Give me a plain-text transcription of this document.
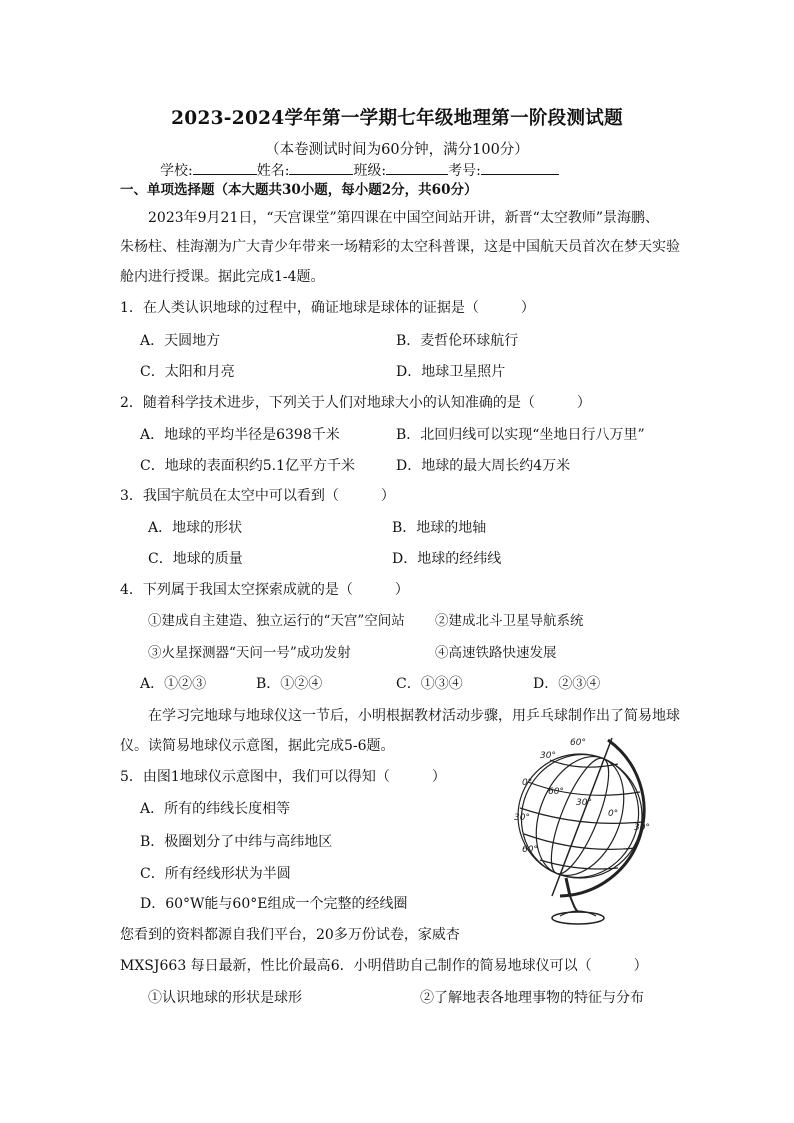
2023-2024学年第一学期七年级地理第一阶段测试题
（本卷测试时间为60分钟，满分100分）
学校:	姓名:	班级:	考号:
一、单项选择题（本大题共30小题，每小题2分，共60分）
2023年9月21日，“天宫课堂”第四课在中国空间站开讲，新晋“太空教师”景海鹏、
朱杨柱、桂海潮为广大青少年带来一场精彩的太空科普课，这是中国航天员首次在梦天实验
舱内进行授课。据此完成1-4题。
1．在人类认识地球的过程中，确证地球是球体的证据是（　　　）
A．天圆地方	B．麦哲伦环球航行
C．太阳和月亮	D．地球卫星照片
2．随着科学技术进步，下列关于人们对地球大小的认知准确的是（　　　）
A．地球的平均半径是6398千米	B．北回归线可以实现“坐地日行八万里”
C．地球的表面积约5.1亿平方千米	D．地球的最大周长约4万米
3．我国宇航员在太空中可以看到（　　　）
A．地球的形状	B．地球的地轴
C．地球的质量	D．地球的经纬线
4．下列属于我国太空探索成就的是（　　　）
①建成自主建造、独立运行的“天宫”空间站 ②建成北斗卫星导航系统
③火星探测器“天问一号”成功发射	④高速铁路快速发展
A．①②③	B．①②④	C．①③④	D．②③④
在学习完地球与地球仪这一节后，小明根据教材活动步骤，用乒乓球制作出了简易地球
仪。读简易地球仪示意图，据此完成5-6题。
5．由图1地球仪示意图中，我们可以得知（　　　）
A．所有的纬线长度相等
B．极圈划分了中纬与高纬地区
C．所有经线形状为半圆
D．60°W能与60°E组成一个完整的经线圈
60°
30°
0°
60°
30°
0°
30°
30°
60°
您看到的资料都源自我们平台，20多万份试卷，家威杏
MXSJ663 每日最新，性比价最高6．小明借助自己制作的简易地球仪可以（　　　）
①认识地球的形状是球形	②了解地表各地理事物的特征与分布
